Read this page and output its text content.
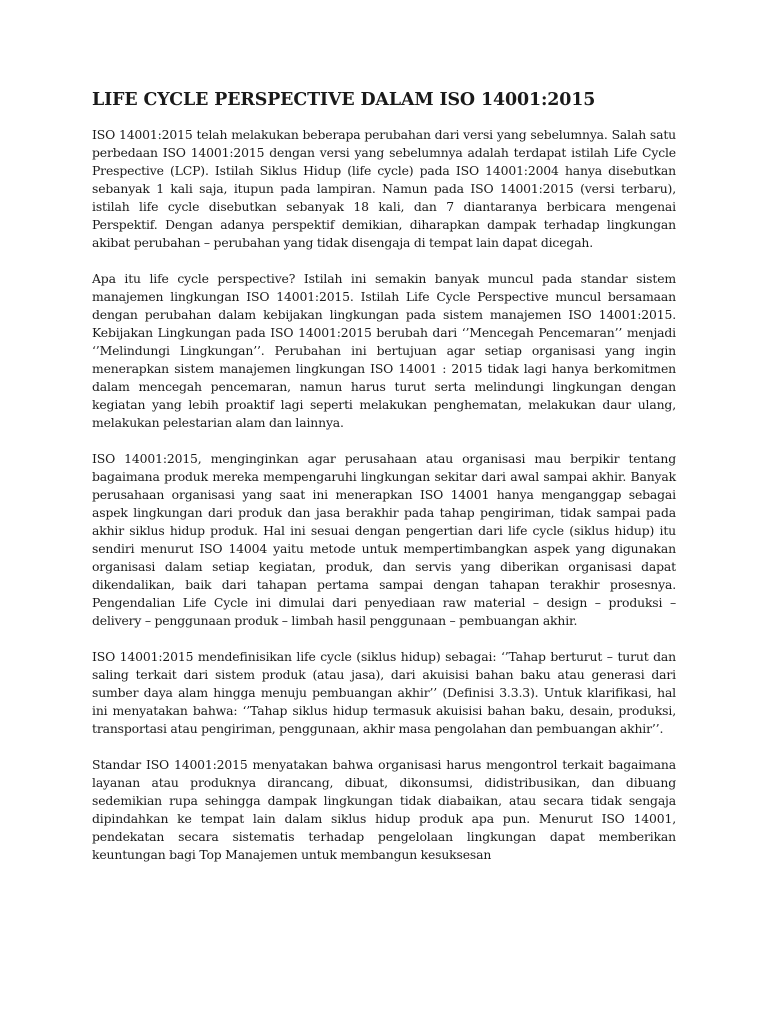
LIFE CYCLE PERSPECTIVE DALAM ISO 14001:2015

ISO 14001:2015 telah melakukan beberapa perubahan dari versi yang sebelumnya. Salah satu perbedaan ISO 14001:2015 dengan versi yang sebelumnya adalah terdapat istilah Life Cycle Prespective (LCP). Istilah Siklus Hidup (life cycle) pada ISO 14001:2004 hanya disebutkan sebanyak 1 kali saja, itupun pada lampiran. Namun pada ISO 14001:2015 (versi terbaru), istilah life cycle disebutkan sebanyak 18 kali, dan 7 diantaranya berbicara mengenai Perspektif. Dengan adanya perspektif demikian, diharapkan dampak terhadap lingkungan akibat perubahan – perubahan yang tidak disengaja di tempat lain dapat dicegah.

Apa itu life cycle perspective? Istilah ini semakin banyak muncul pada standar sistem manajemen lingkungan ISO 14001:2015. Istilah Life Cycle Perspective muncul bersamaan dengan perubahan dalam kebijakan lingkungan pada sistem manajemen ISO 14001:2015. Kebijakan Lingkungan pada ISO 14001:2015 berubah dari ‘’Mencegah Pencemaran’’ menjadi ‘’Melindungi Lingkungan’’. Perubahan ini bertujuan agar setiap organisasi yang ingin menerapkan sistem manajemen lingkungan ISO 14001 : 2015 tidak lagi hanya berkomitmen dalam mencegah pencemaran, namun harus turut serta melindungi lingkungan dengan kegiatan yang lebih proaktif lagi seperti melakukan penghematan, melakukan daur ulang, melakukan pelestarian alam dan lainnya.

ISO 14001:2015, menginginkan agar perusahaan atau organisasi mau berpikir tentang bagaimana produk mereka mempengaruhi lingkungan sekitar dari awal sampai akhir. Banyak perusahaan organisasi yang saat ini menerapkan ISO 14001 hanya menganggap sebagai aspek lingkungan dari produk dan jasa berakhir pada tahap pengiriman, tidak sampai pada akhir siklus hidup produk. Hal ini sesuai dengan pengertian dari life cycle (siklus hidup) itu sendiri menurut ISO 14004 yaitu metode untuk mempertimbangkan aspek yang digunakan organisasi dalam setiap kegiatan, produk, dan servis yang diberikan organisasi dapat dikendalikan, baik dari tahapan pertama sampai dengan tahapan terakhir prosesnya. Pengendalian Life Cycle ini dimulai dari penyediaan raw material – design – produksi – delivery – penggunaan produk – limbah hasil penggunaan – pembuangan akhir.

ISO 14001:2015 mendefinisikan life cycle (siklus hidup) sebagai: ‘’Tahap berturut – turut dan saling terkait dari sistem produk (atau jasa), dari akuisisi bahan baku atau generasi dari sumber daya alam hingga menuju pembuangan akhir’’ (Definisi 3.3.3). Untuk klarifikasi, hal ini menyatakan bahwa: ‘’Tahap siklus hidup termasuk akuisisi bahan baku, desain, produksi, transportasi atau pengiriman, penggunaan, akhir masa pengolahan dan pembuangan akhir’’.

Standar ISO 14001:2015 menyatakan bahwa organisasi harus mengontrol terkait bagaimana layanan atau produknya dirancang, dibuat, dikonsumsi, didistribusikan, dan dibuang sedemikian rupa sehingga dampak lingkungan tidak diabaikan, atau secara tidak sengaja dipindahkan ke tempat lain dalam siklus hidup produk apa pun. Menurut ISO 14001, pendekatan secara sistematis terhadap pengelolaan lingkungan dapat memberikan keuntungan bagi Top Manajemen untuk membangun kesuksesan
